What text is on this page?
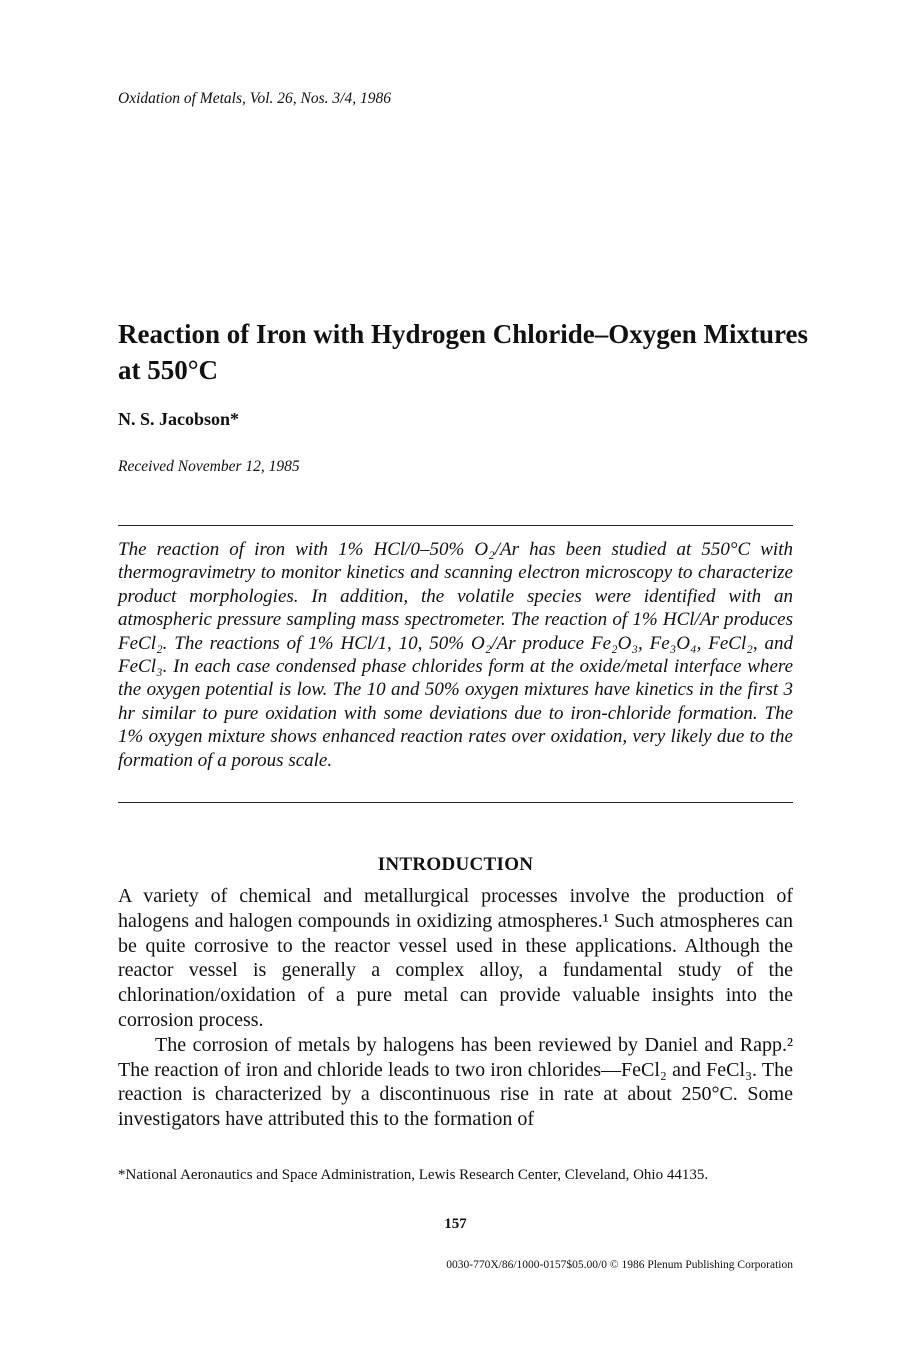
Oxidation of Metals, Vol. 26, Nos. 3/4, 1986
Reaction of Iron with Hydrogen Chloride–Oxygen Mixtures at 550°C
N. S. Jacobson*
Received November 12, 1985

The reaction of iron with 1% HCl/0–50% O₂/Ar has been studied at 550°C with thermogravimetry to monitor kinetics and scanning electron microscopy to characterize product morphologies. In addition, the volatile species were identified with an atmospheric pressure sampling mass spectrometer. The reaction of 1% HCl/Ar produces FeCl₂. The reactions of 1% HCl/1, 10, 50% O₂/Ar produce Fe₂O₃, Fe₃O₄, FeCl₂, and FeCl₃. In each case condensed phase chlorides form at the oxide/metal interface where the oxygen potential is low. The 10 and 50% oxygen mixtures have kinetics in the first 3 hr similar to pure oxidation with some deviations due to iron-chloride formation. The 1% oxygen mixture shows enhanced reaction rates over oxidation, very likely due to the formation of a porous scale.

INTRODUCTION

A variety of chemical and metallurgical processes involve the production of halogens and halogen compounds in oxidizing atmospheres.¹ Such atmospheres can be quite corrosive to the reactor vessel used in these applications. Although the reactor vessel is generally a complex alloy, a fundamental study of the chlorination/oxidation of a pure metal can provide valuable insights into the corrosion process.

The corrosion of metals by halogens has been reviewed by Daniel and Rapp.² The reaction of iron and chloride leads to two iron chlorides—FeCl₂ and FeCl₃. The reaction is characterized by a discontinuous rise in rate at about 250°C. Some investigators have attributed this to the formation of

*National Aeronautics and Space Administration, Lewis Research Center, Cleveland, Ohio 44135.
157
0030-770X/86/1000-0157$05.00/0 © 1986 Plenum Publishing Corporation
